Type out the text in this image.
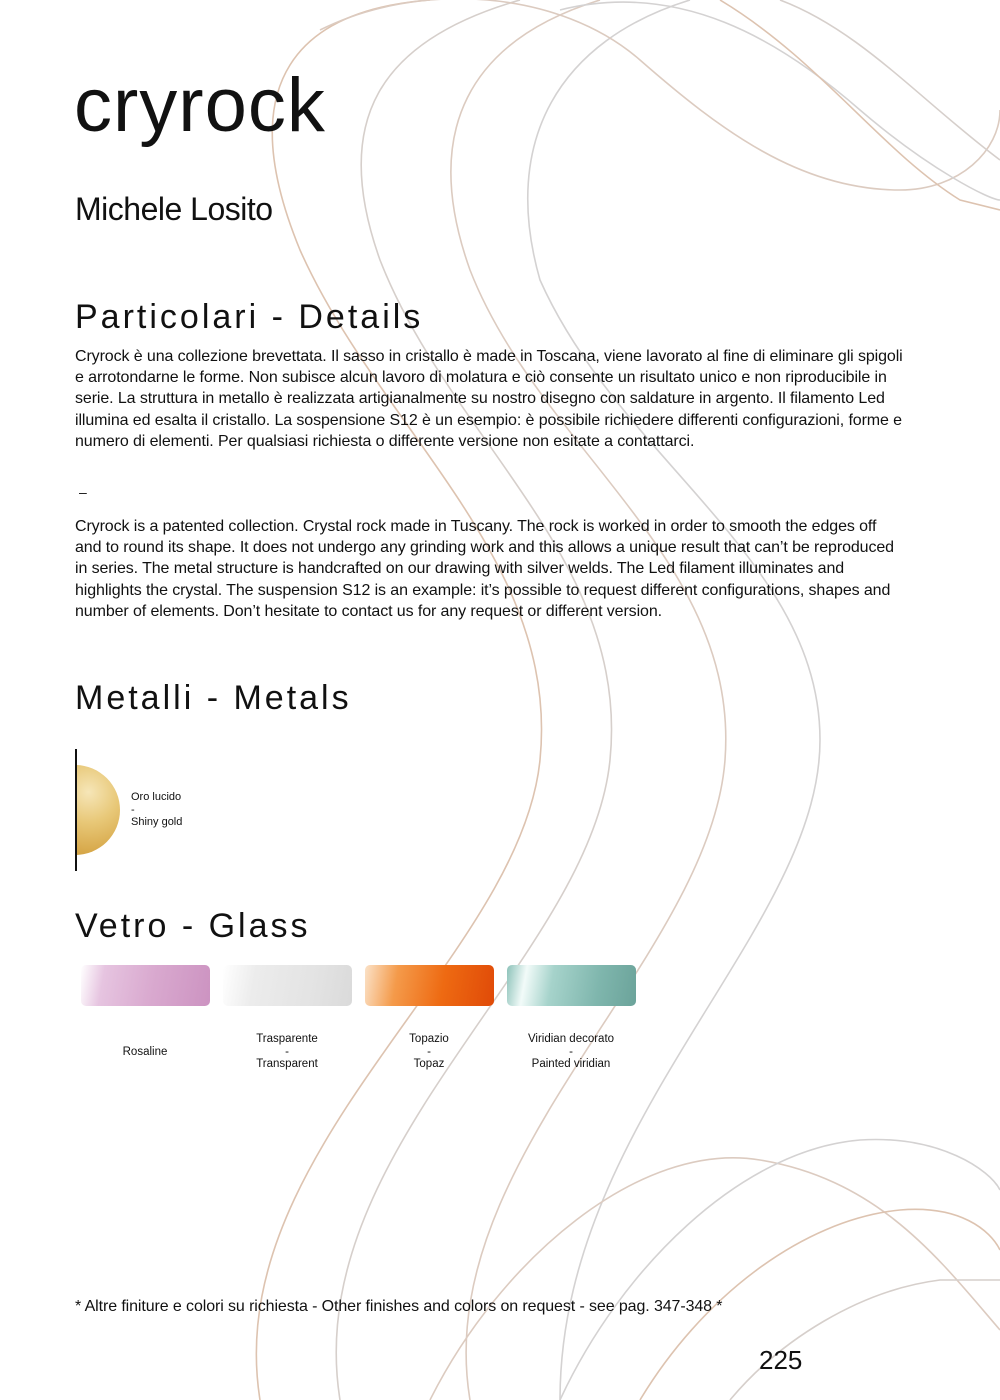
cryrock
Michele Losito
Particolari - Details

Cryrock è una collezione brevettata. Il sasso in cristallo è made in Toscana, viene lavorato al fine di eliminare gli spigoli e arrotondarne le forme. Non subisce alcun lavoro di molatura e ciò consente un risultato unico e non riproducibile in serie. La struttura in metallo è realizzata artigianalmente su nostro disegno con saldature in argento. Il filamento Led illumina ed esalta il cristallo. La sospensione S12 è un esempio: è possibile richiedere differenti configurazioni, forme e numero di elementi. Per qualsiasi richiesta o differente versione non esitate a contattarci.

–

Cryrock is a patented collection. Crystal rock made in Tuscany. The rock is worked in order to smooth the edges off and to round its shape. It does not undergo any grinding work and this allows a unique result that can’t be reproduced in series. The metal structure is handcrafted on our drawing with silver welds. The Led filament illuminates and highlights the crystal. The suspension S12 is an example: it’s possible to request different configurations, shapes and number of elements. Don’t hesitate to contact us for any request or different version.

Metalli - Metals
Oro lucido
-
Shiny gold
Vetro - Glass
Rosaline
Trasparente
-
Transparent
Topazio
-
Topaz
Viridian decorato
-
Painted viridian
* Altre finiture e colori su richiesta - Other finishes and colors on request - see pag. 347-348 *
225
